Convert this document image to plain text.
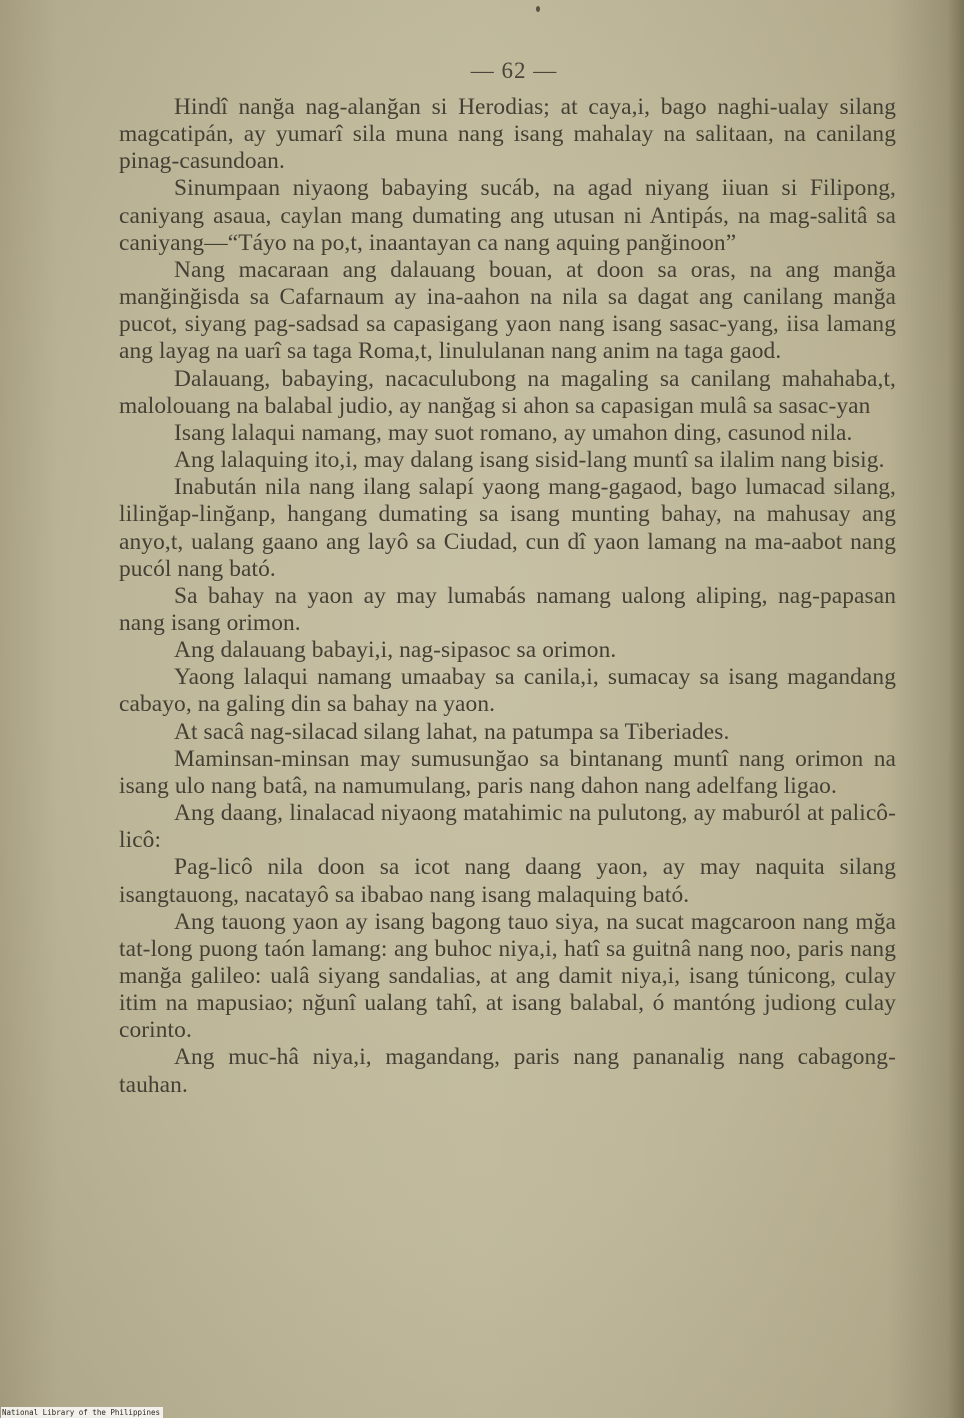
— 62 —

Hindî nanğa nag-alanğan si Herodias; at caya,i, bago naghi-ualay silang magcatipán, ay yumarî sila muna nang isang mahalay na salitaan, na canilang pinag-casundoan.

Sinumpaan niyaong babaying sucáb, na agad niyang iiuan si Filipong, caniyang asaua, caylan mang dumating ang utusan ni Antipás, na mag-salitâ sa caniyang—“Táyo na po,t, inaantayan ca nang aquing panğinoon”

Nang macaraan ang dalauang bouan, at doon sa oras, na ang manğa manğinğisda sa Cafarnaum ay ina-aahon na nila sa dagat ang canilang manğa pucot, siyang pag-sadsad sa capasigang yaon nang isang sasac-yang, iisa lamang ang layag na uarî sa taga Roma,t, linululanan nang anim na taga gaod.

Dalauang, babaying, nacaculubong na magaling sa canilang mahahaba,t, malolouang na balabal judio, ay nanğag si ahon sa capasigan mulâ sa sasac-yan

Isang lalaqui namang, may suot romano, ay umahon ding, casunod nila.

Ang lalaquing ito,i, may dalang isang sisid-lang muntî sa ilalim nang bisig.

Inabután nila nang ilang salapí yaong mang-gagaod, bago lumacad silang, lilinğap-linğanp, hangang dumating sa isang munting bahay, na mahusay ang anyo,t, ualang gaano ang layô sa Ciudad, cun dî yaon lamang na ma-aabot nang pucól nang bató.

Sa bahay na yaon ay may lumabás namang ualong aliping, nag-papasan nang isang orimon.

Ang dalauang babayi,i, nag-sipasoc sa orimon.

Yaong lalaqui namang umaabay sa canila,i, sumacay sa isang magandang cabayo, na galing din sa bahay na yaon.

At sacâ nag-silacad silang lahat, na patumpa sa Tiberiades.

Maminsan-minsan may sumusunğao sa bintanang muntî nang orimon na isang ulo nang batâ, na namumulang, paris nang dahon nang adelfang ligao.

Ang daang, linalacad niyaong matahimic na pulutong, ay maburól at palicô-licô:

Pag-licô nila doon sa icot nang daang yaon, ay may naquita silang isangtauong, nacatayô sa ibabao nang isang malaquing bató.

Ang tauong yaon ay isang bagong tauo siya, na sucat magcaroon nang mğa tat-long puong taón lamang: ang buhoc niya,i, hatî sa guitnâ nang noo, paris nang manğa galileo: ualâ siyang sandalias, at ang damit niya,i, isang túnicong, culay itim na mapusiao; nğunî ualang tahî, at isang balabal, ó mantóng judiong culay corinto.

Ang muc-hâ niya,i, magandang, paris nang pananalig nang cabagong-tauhan.

National Library of the Philippines
